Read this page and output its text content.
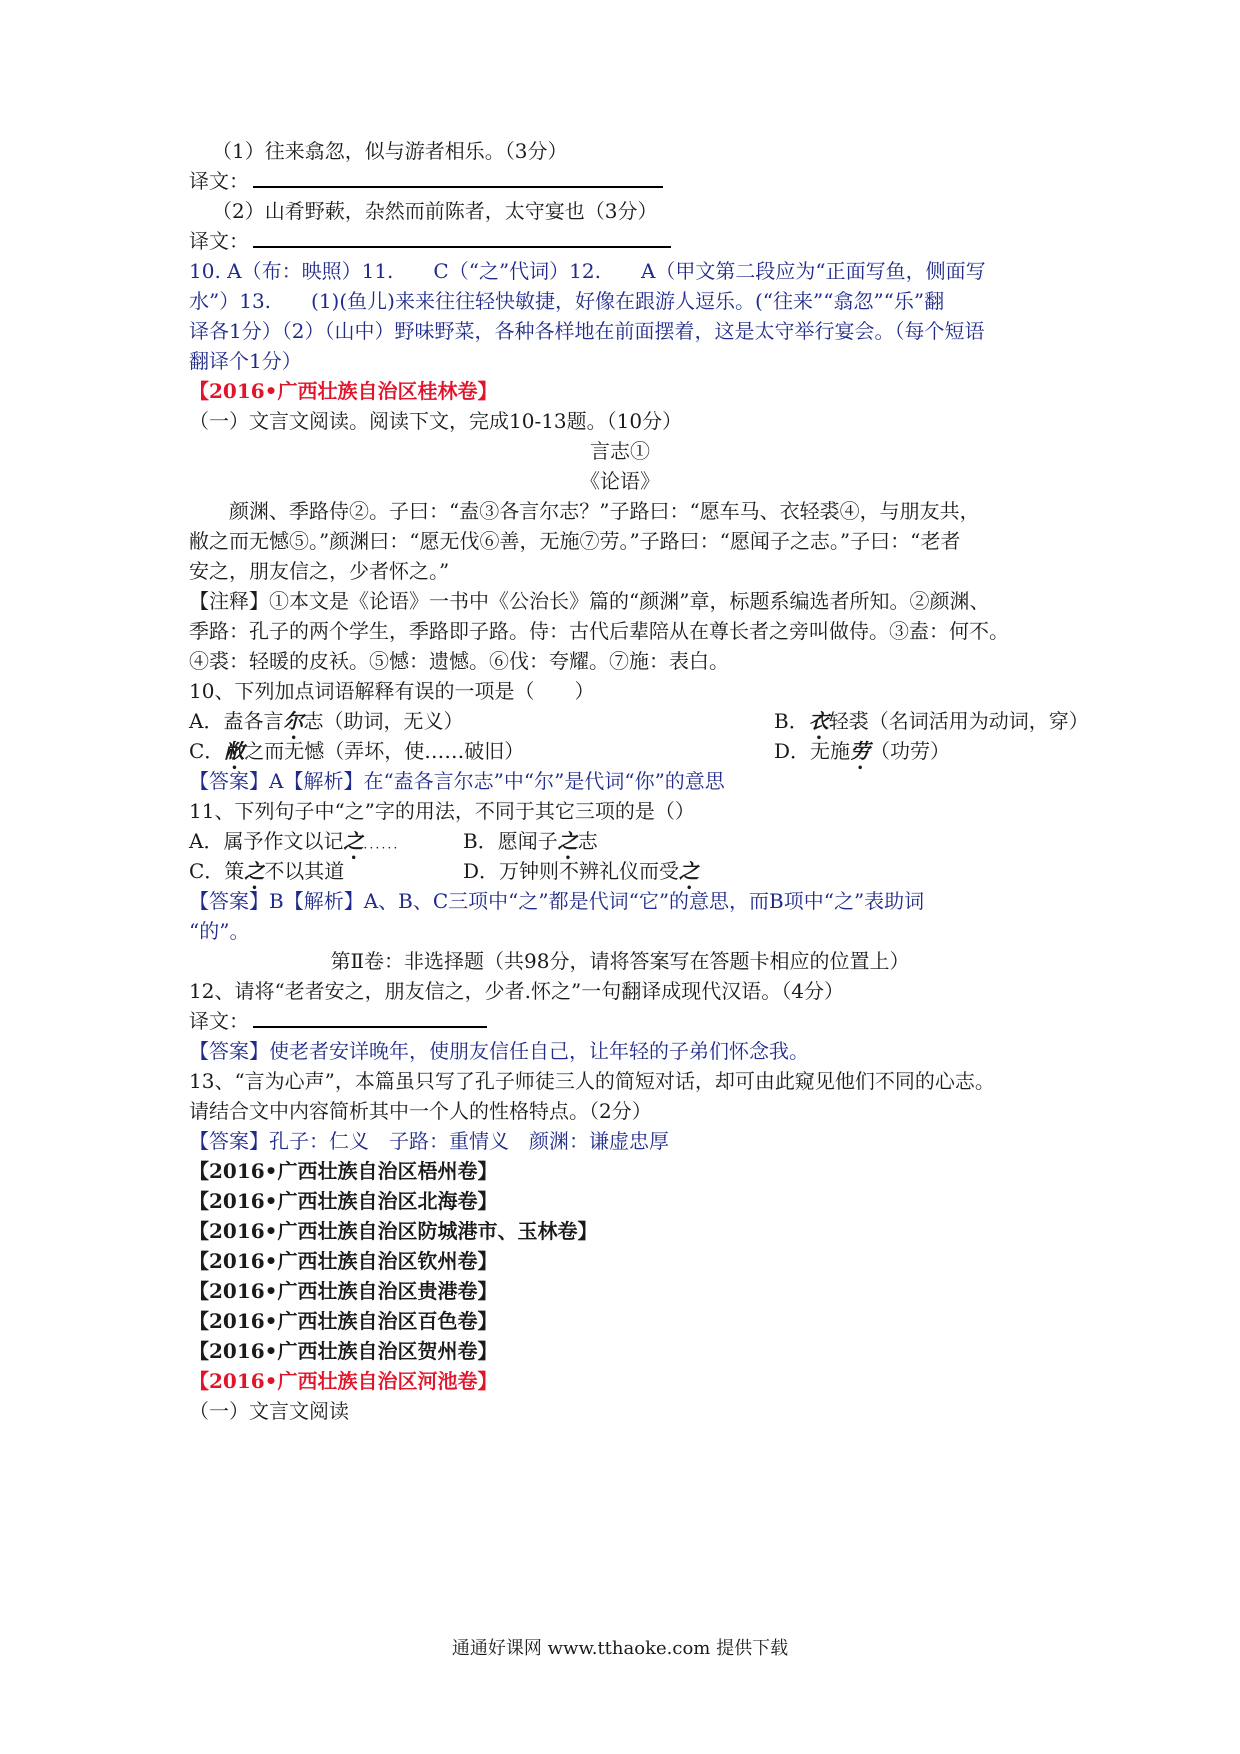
（1）往来翕忽，似与游者相乐。（3分）
译文：
（2）山肴野蔌，杂然而前陈者，太守宴也（3分）
译文：
10. A（布：映照）11.　　C（“之”代词）12.　　A（甲文第二段应为“正面写鱼，侧面写
水”）13.　　(1)(鱼儿)来来往往轻快敏捷，好像在跟游人逗乐。(“往来”“翕忽”“乐”翻
译各1分）（2）（山中）野味野菜，各种各样地在前面摆着，这是太守举行宴会。（每个短语
翻译个1分）
【2016•广西壮族自治区桂林卷】
（一）文言文阅读。阅读下文，完成10-13题。（10分）
言志①
《论语》
　　颜渊、季路侍②。子曰：“盍③各言尔志？”子路曰：“愿车马、衣轻裘④，与朋友共，
敝之而无憾⑤。”颜渊曰：“愿无伐⑥善，无施⑦劳。”子路曰：“愿闻子之志。”子曰：“老者
安之，朋友信之，少者怀之。”
【注释】①本文是《论语》一书中《公治长》篇的“颜渊”章，标题系编选者所知。②颜渊、
季路：孔子的两个学生，季路即子路。侍：古代后辈陪从在尊长者之旁叫做侍。③盍：何不。
④裘：轻暖的皮袄。⑤憾：遗憾。⑥伐：夸耀。⑦施：表白。
10、下列加点词语解释有误的一项是（　　）
A．盍各言尔志（助词，无义）	B．衣轻裘（名词活用为动词，穿）
C．敝之而无憾（弄坏，使……破旧）	D．无施劳（功劳）
【答案】A【解析】在“盍各言尔志”中“尔”是代词“你”的意思
11、下列句子中“之”字的用法，不同于其它三项的是（）
A．属予作文以记之．．．．．．	B．愿闻子之志
C．策之不以其道	D．万钟则不辨礼仪而受之
【答案】B【解析】A、B、C三项中“之”都是代词“它”的意思，而B项中“之”表助词
“的”。
第Ⅱ卷：非选择题（共98分，请将答案写在答题卡相应的位置上）
12、请将“老者安之，朋友信之，少者.怀之”一句翻译成现代汉语。（4分）
译文：
【答案】使老者安详晚年，使朋友信任自己，让年轻的子弟们怀念我。
13、“言为心声”，本篇虽只写了孔子师徒三人的简短对话，却可由此窥见他们不同的心志。
请结合文中内容简析其中一个人的性格特点。（2分）
【答案】孔子：仁义　子路：重情义　颜渊：谦虚忠厚
【2016•广西壮族自治区梧州卷】
【2016•广西壮族自治区北海卷】
【2016•广西壮族自治区防城港市、玉林卷】
【2016•广西壮族自治区钦州卷】
【2016•广西壮族自治区贵港卷】
【2016•广西壮族自治区百色卷】
【2016•广西壮族自治区贺州卷】
【2016•广西壮族自治区河池卷】
（一）文言文阅读
通通好课网 www.tthaoke.com 提供下载
